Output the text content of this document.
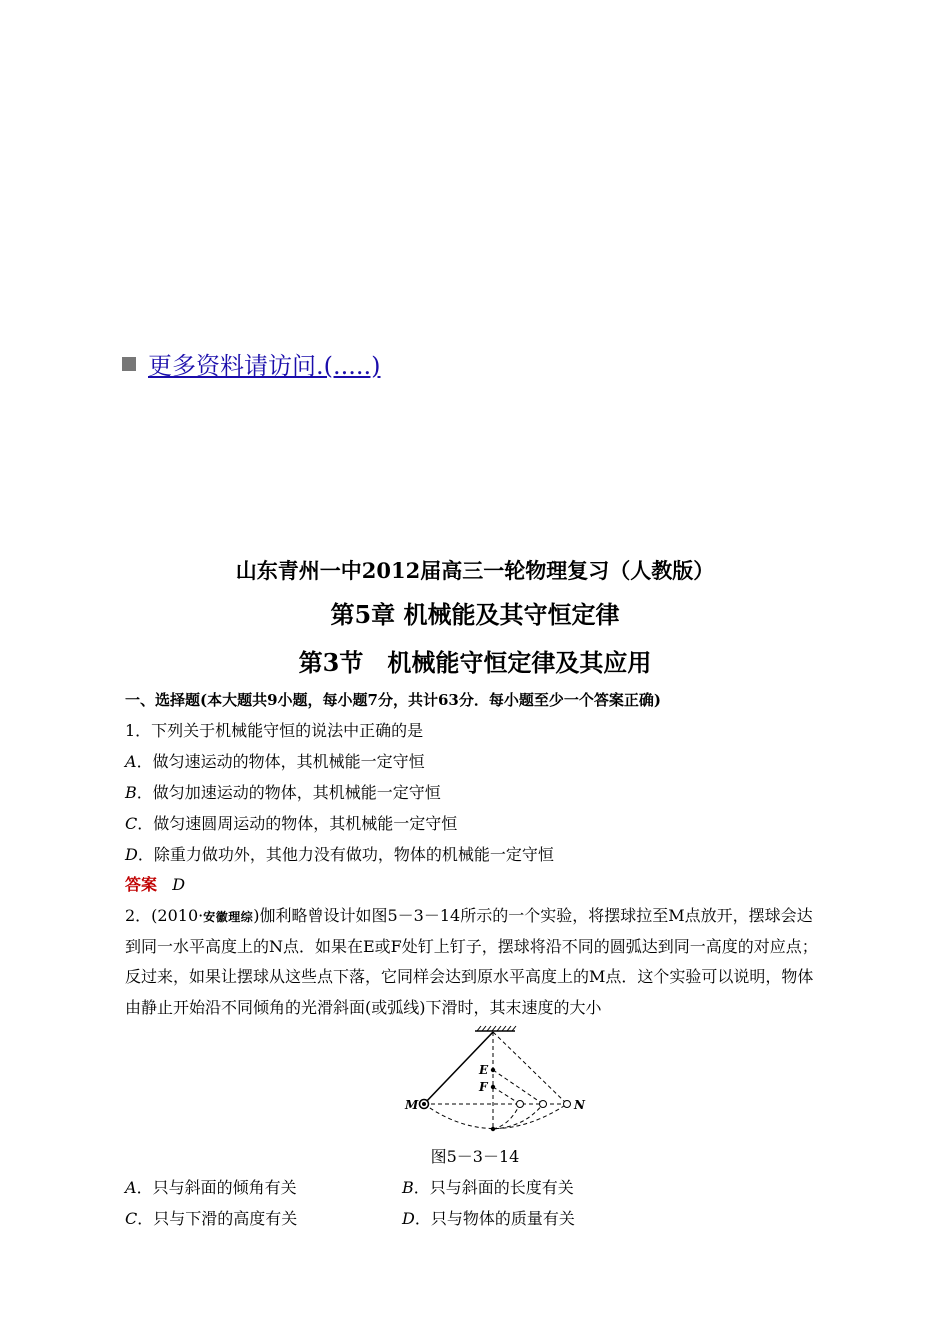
更多资料请访问.(.....)
山东青州一中2012届高三一轮物理复习（人教版）
第5章 机械能及其守恒定律
第3节　机械能守恒定律及其应用
一、选择题(本大题共9小题，每小题7分，共计63分．每小题至少一个答案正确)
1．下列关于机械能守恒的说法中正确的是
A．做匀速运动的物体，其机械能一定守恒
B．做匀加速运动的物体，其机械能一定守恒
C．做匀速圆周运动的物体，其机械能一定守恒
D．除重力做功外，其他力没有做功，物体的机械能一定守恒
答案 D
2．(2010·安徽理综)伽利略曾设计如图5－3－14所示的一个实验，将摆球拉至M点放开，摆球会达
到同一水平高度上的N点．如果在E或F处钉上钉子，摆球将沿不同的圆弧达到同一高度的对应点；
反过来，如果让摆球从这些点下落，它同样会达到原水平高度上的M点．这个实验可以说明，物体
由静止开始沿不同倾角的光滑斜面(或弧线)下滑时，其末速度的大小
E
F
M	N
图5－3－14
A．只与斜面的倾角有关	B．只与斜面的长度有关
C．只与下滑的高度有关	D．只与物体的质量有关
